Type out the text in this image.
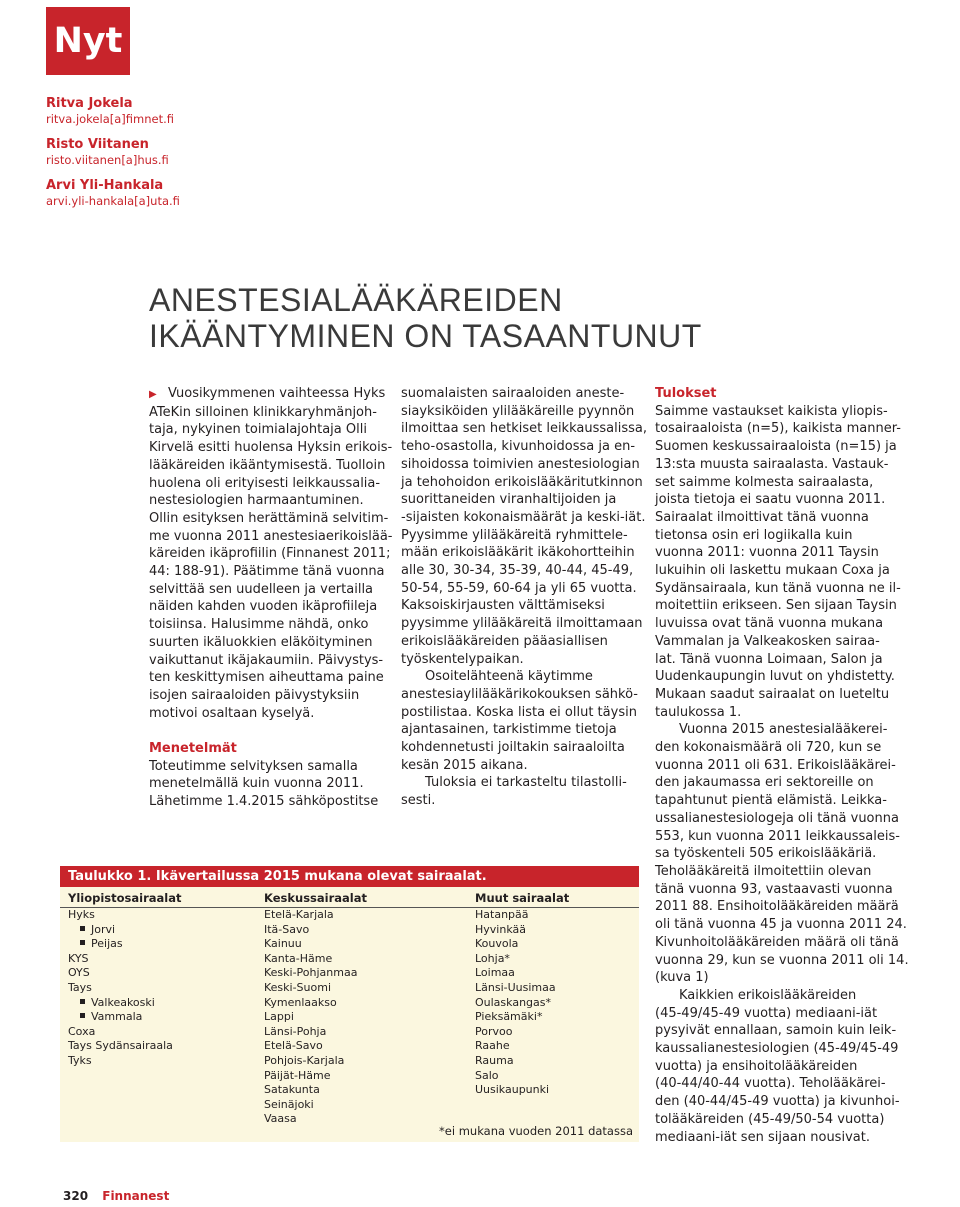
Nyt
Ritva Jokela
ritva.jokela[a]fimnet.fi
Risto Viitanen
risto.viitanen[a]hus.fi
Arvi Yli-Hankala
arvi.yli-hankala[a]uta.fi
ANESTESIALÄÄKÄREIDEN
IKÄÄNTYMINEN ON TASAANTUNUT

▶ Vuosikymmenen vaihteessa Hyks

ATeKin silloinen klinikkaryhmänjoh-

taja, nykyinen toimialajohtaja Olli

Kirvelä esitti huolensa Hyksin erikois-

lääkäreiden ikääntymisestä. Tuolloin

huolena oli erityisesti leikkaussalia-

nestesiologien harmaantuminen.

Ollin esityksen herättäminä selvitim-

me vuonna 2011 anestesiaerikoislää-

käreiden ikäprofiilin (Finnanest 2011;

44: 188-91). Päätimme tänä vuonna

selvittää sen uudelleen ja vertailla

näiden kahden vuoden ikäprofiileja

toisiinsa. Halusimme nähdä, onko

suurten ikäluokkien eläköityminen

vaikuttanut ikäjakaumiin. Päivystys-

ten keskittymisen aiheuttama paine

isojen sairaaloiden päivystyksiin

motivoi osaltaan kyselyä.

Menetelmät

Toteutimme selvityksen samalla

menetelmällä kuin vuonna 2011.

Lähetimme 1.4.2015 sähköpostitse

suomalaisten sairaaloiden aneste-

siayksiköiden ylilääkäreille pyynnön

ilmoittaa sen hetkiset leikkaussalissa,

teho-osastolla, kivunhoidossa ja en-

sihoidossa toimivien anestesiologian

ja tehohoidon erikoislääkäritutkinnon

suorittaneiden viranhaltijoiden ja

-sijaisten kokonaismäärät ja keski-iät.

Pyysimme ylilääkäreitä ryhmittele-

mään erikoislääkärit ikäkohortteihin

alle 30, 30-34, 35-39, 40-44, 45-49,

50-54, 55-59, 60-64 ja yli 65 vuotta.

Kaksoiskirjausten välttämiseksi

pyysimme ylilääkäreitä ilmoittamaan

erikoislääkäreiden pääasiallisen

työskentelypaikan.

Osoitelähteenä käytimme

anestesiaylilääkärikokouksen sähkö-

postilistaa. Koska lista ei ollut täysin

ajantasainen, tarkistimme tietoja

kohdennetusti joiltakin sairaaloilta

kesän 2015 aikana.

Tuloksia ei tarkasteltu tilastolli-

sesti.

Tulokset

Saimme vastaukset kaikista yliopis-

tosairaaloista (n=5), kaikista manner-

Suomen keskussairaaloista (n=15) ja

13:sta muusta sairaalasta. Vastauk-

set saimme kolmesta sairaalasta,

joista tietoja ei saatu vuonna 2011.

Sairaalat ilmoittivat tänä vuonna

tietonsa osin eri logiikalla kuin

vuonna 2011: vuonna 2011 Taysin

lukuihin oli laskettu mukaan Coxa ja

Sydänsairaala, kun tänä vuonna ne il-

moitettiin erikseen. Sen sijaan Taysin

luvuissa ovat tänä vuonna mukana

Vammalan ja Valkeakosken sairaa-

lat. Tänä vuonna Loimaan, Salon ja

Uudenkaupungin luvut on yhdistetty.

Mukaan saadut sairaalat on lueteltu

taulukossa 1.

Vuonna 2015 anestesialääkerei-

den kokonaismäärä oli 720, kun se

vuonna 2011 oli 631. Erikoislääkärei-

den jakaumassa eri sektoreille on

tapahtunut pientä elämistä. Leikka-

ussalianestesiologeja oli tänä vuonna

553, kun vuonna 2011 leikkaussaleis-

sa työskenteli 505 erikoislääkäriä.

Teholääkäreitä ilmoitettiin olevan

tänä vuonna 93, vastaavasti vuonna

2011 88. Ensihoitolääkäreiden määrä

oli tänä vuonna 45 ja vuonna 2011 24.

Kivunhoitolääkäreiden määrä oli tänä

vuonna 29, kun se vuonna 2011 oli 14.

(kuva 1)

Kaikkien erikoislääkäreiden

(45-49/45-49 vuotta) mediaani-iät

pysyivät ennallaan, samoin kuin leik-

kaussalianestesiologien (45-49/45-49

vuotta) ja ensihoitolääkäreiden

(40-44/40-44 vuotta). Teholääkärei-

den (40-44/45-49 vuotta) ja kivunhoi-

tolääkäreiden (45-49/50-54 vuotta)

mediaani-iät sen sijaan nousivat.

Taulukko 1. Ikävertailussa 2015 mukana olevat sairaalat.
Yliopistosairaalat	Keskussairaalat	Muut sairaalat
Hyks
Jorvi
Peijas
KYS
OYS
Tays
Valkeakoski
Vammala
Coxa
Tays Sydänsairaala
Tyks
Etelä-Karjala
Itä-Savo
Kainuu
Kanta-Häme
Keski-Pohjanmaa
Keski-Suomi
Kymenlaakso
Lappi
Länsi-Pohja
Etelä-Savo
Pohjois-Karjala
Päijät-Häme
Satakunta
Seinäjoki
Vaasa
Hatanpää
Hyvinkää
Kouvola
Lohja*
Loimaa
Länsi-Uusimaa
Oulaskangas*
Pieksämäki*
Porvoo
Raahe
Rauma
Salo
Uusikaupunki
*ei mukana vuoden 2011 datassa
320 Finnanest
